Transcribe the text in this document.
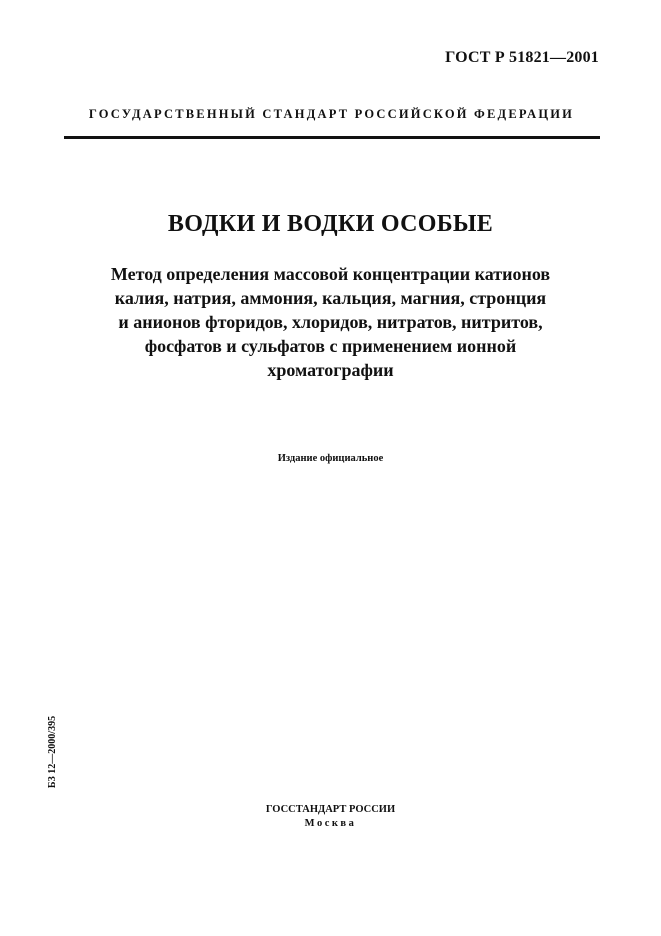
ГОСТ Р 51821—2001
ГОСУДАРСТВЕННЫЙ СТАНДАРТ РОССИЙСКОЙ ФЕДЕРАЦИИ
ВОДКИ И ВОДКИ ОСОБЫЕ
Метод определения массовой концентрации катионов
калия, натрия, аммония, кальция, магния, стронция
и анионов фторидов, хлоридов, нитратов, нитритов,
фосфатов и сульфатов с применением ионной
хроматографии
Издание официальное
БЗ 12—2000/395
ГОССТАНДАРТ РОССИИ
Москва
